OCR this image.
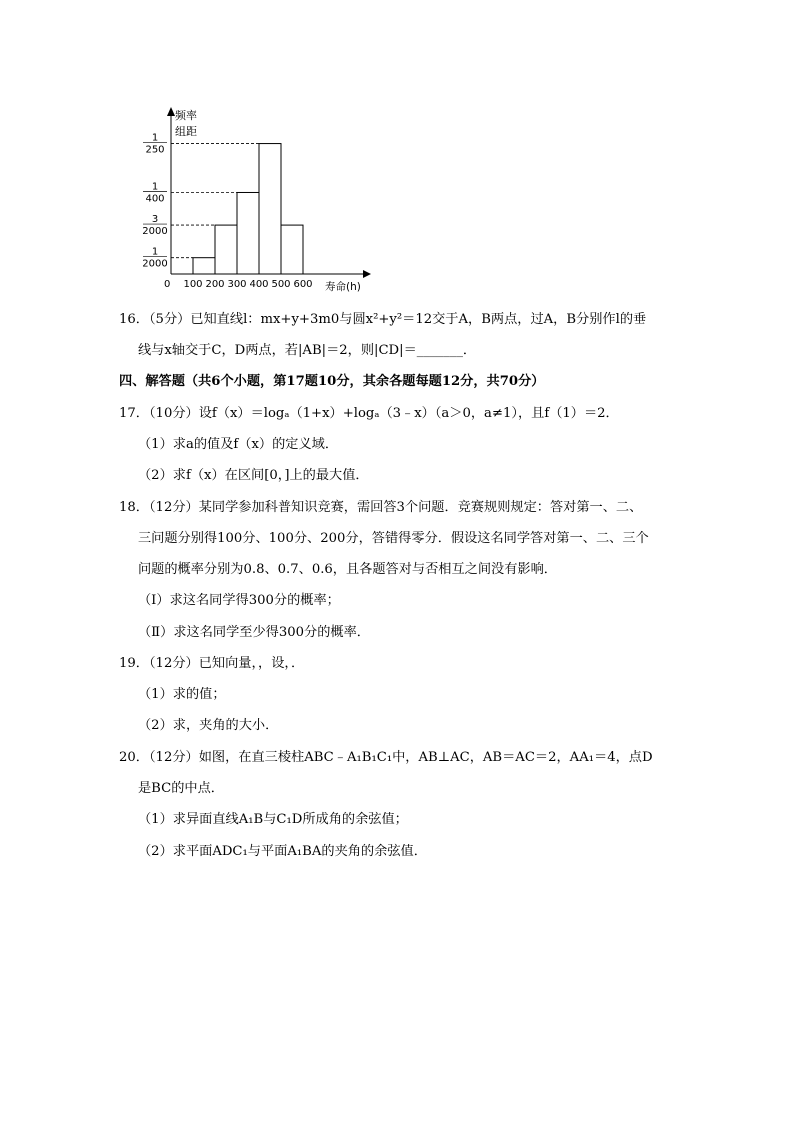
频率
组距
寿命(h)
0 100 200 300 400 500 600
1
2000
3
2000
1
400
1
250
16．（5分）已知直线l：mx+y+3m0与圆x²+y²＝12交于A，B两点，过A，B分别作l的垂
线与x轴交于C，D两点，若|AB|＝2，则|CD|＝_______．
四、解答题（共6个小题，第17题10分，其余各题每题12分，共70分）
17．（10分）设f（x）＝logₐ（1+x）+logₐ（3﹣x）（a＞0，a≠1），且f（1）＝2．
（1）求a的值及f（x）的定义域．
（2）求f（x）在区间[0，]上的最大值．
18．（12分）某同学参加科普知识竞赛，需回答3个问题．竞赛规则规定：答对第一、二、
三问题分别得100分、100分、200分，答错得零分．假设这名同学答对第一、二、三个
问题的概率分别为0.8、0.7、0.6，且各题答对与否相互之间没有影响．
（Ⅰ）求这名同学得300分的概率；
（Ⅱ）求这名同学至少得300分的概率．
19．（12分）已知向量，，设，．
（1）求的值；
（2）求，夹角的大小．
20．（12分）如图，在直三棱柱ABC﹣A₁B₁C₁中，AB⊥AC，AB＝AC＝2，AA₁＝4，点D
是BC的中点．
（1）求异面直线A₁B与C₁D所成角的余弦值；
（2）求平面ADC₁与平面A₁BA的夹角的余弦值．
